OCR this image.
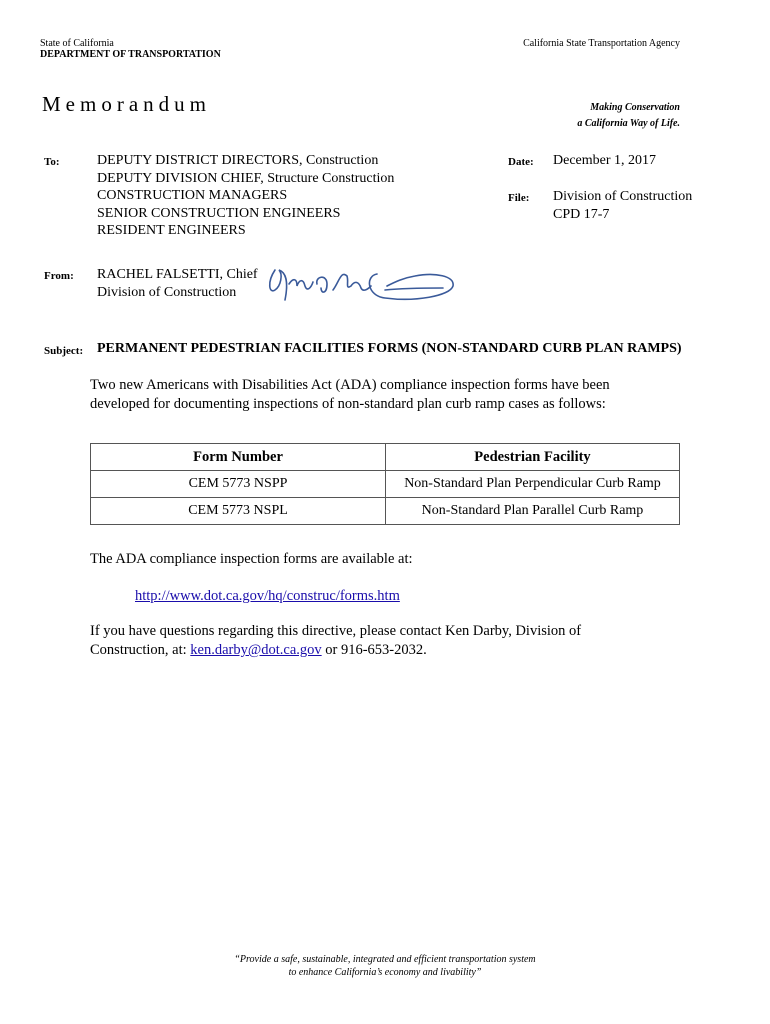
State of California
DEPARTMENT OF TRANSPORTATION
California State Transportation Agency
Memorandum	Making Conservation
a California Way of Life.
To:	DEPUTY DISTRICT DIRECTORS, Construction
DEPUTY DIVISION CHIEF, Structure Construction
CONSTRUCTION MANAGERS
SENIOR CONSTRUCTION ENGINEERS
RESIDENT ENGINEERS
Date: December 1, 2017
File: Division of Construction
CPD 17-7
From: RACHEL FALSETTI, Chief
Division of Construction
Subject: PERMANENT PEDESTRIAN FACILITIES FORMS (NON-STANDARD CURB PLAN RAMPS)
Two new Americans with Disabilities Act (ADA) compliance inspection forms have been developed for documenting inspections of non-standard plan curb ramp cases as follows:
Form Number	Pedestrian Facility
CEM 5773 NSPP	Non-Standard Plan Perpendicular Curb Ramp
CEM 5773 NSPL	Non-Standard Plan Parallel Curb Ramp
The ADA compliance inspection forms are available at:
http://www.dot.ca.gov/hq/construc/forms.htm
If you have questions regarding this directive, please contact Ken Darby, Division of Construction, at: ken.darby@dot.ca.gov or 916-653-2032.
“Provide a safe, sustainable, integrated and efficient transportation system
to enhance California’s economy and livability”
